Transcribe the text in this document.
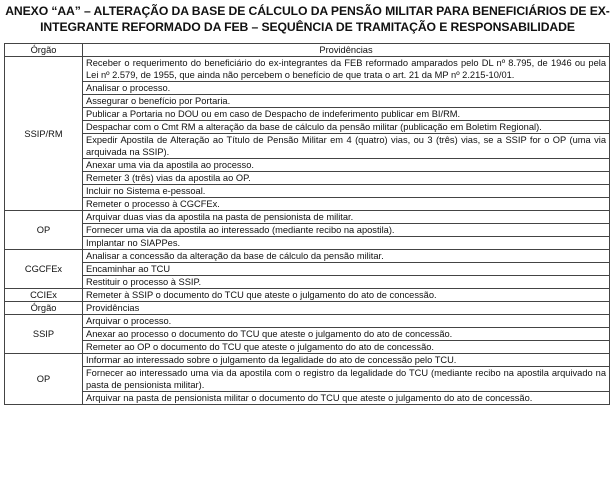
ANEXO “AA” – ALTERAÇÃO DA BASE DE CÁLCULO DA PENSÃO MILITAR PARA BENEFICIÁRIOS DE EX-
INTEGRANTE REFORMADO DA FEB – SEQUÊNCIA DE TRAMITAÇÃO E RESPONSABILIDADE
Órgão	Providências
SSIP/RM	Receber o requerimento do beneficiário do ex-integrantes da FEB reformado amparados pelo DL nº 8.795, de 1946 ou pela Lei nº 2.579, de 1955, que ainda não percebem o benefício de que trata o art. 21 da MP nº 2.215-10/01.
	Analisar o processo.
	Assegurar o benefício por Portaria.
	Publicar a Portaria no DOU ou em caso de Despacho de indeferimento publicar em BI/RM.
	Despachar com o Cmt RM a alteração da base de cálculo da pensão militar (publicação em Boletim Regional).
	Expedir Apostila de Alteração ao Título de Pensão Militar em 4 (quatro) vias, ou 3 (três) vias, se a SSIP for o OP (uma via arquivada na SSIP).
	Anexar uma via da apostila ao processo.
	Remeter 3 (três) vias da apostila ao OP.
	Incluir no Sistema e-pessoal.
	Remeter o processo à CGCFEx.
OP	Arquivar duas vias da apostila na pasta de pensionista de militar.
	Fornecer uma via da apostila ao interessado (mediante recibo na apostila).
	Implantar no SIAPPes.
CGCFEx	Analisar a concessão da alteração da base de cálculo da pensão militar.
	Encaminhar ao TCU
	Restituir o processo à SSIP.
CCIEx	Remeter à SSIP o documento do TCU que ateste o julgamento do ato de concessão.
Órgão	Providências
SSIP	Arquivar o processo.
	Anexar ao processo o documento do TCU que ateste o julgamento do ato de concessão.
	Remeter ao OP o documento do TCU que ateste o julgamento do ato de concessão.
OP	Informar ao interessado sobre o julgamento da legalidade do ato de concessão pelo TCU.
	Fornecer ao interessado uma via da apostila com o registro da legalidade do TCU (mediante recibo na apostila arquivado na pasta de pensionista militar).
	Arquivar na pasta de pensionista militar o documento do TCU que ateste o julgamento do ato de concessão.
